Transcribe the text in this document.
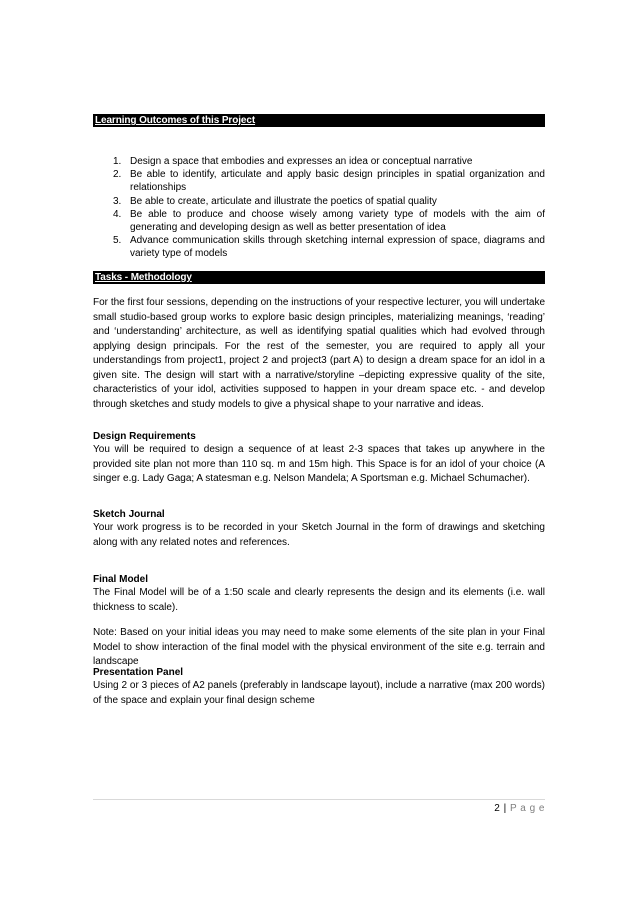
Learning Outcomes of this Project
1. Design a space that embodies and expresses an idea or conceptual narrative
2. Be able to identify, articulate and apply basic design principles in spatial organization and relationships
3. Be able to create, articulate and illustrate the poetics of spatial quality
4. Be able to produce and choose wisely among variety type of models with the aim of generating and developing design as well as better presentation of idea
5. Advance communication skills through sketching internal expression of space, diagrams and variety type of models
Tasks - Methodology

For the first four sessions, depending on the instructions of your respective lecturer, you will undertake small studio-based group works to explore basic design principles, materializing meanings, ‘reading’ and ‘understanding’ architecture, as well as identifying spatial qualities which had evolved through applying design principals. For the rest of the semester, you are required to apply all your understandings from project1, project 2 and project3 (part A) to design a dream space for an idol in a given site. The design will start with a narrative/storyline –depicting expressive quality of the site, characteristics of your idol, activities supposed to happen in your dream space etc. - and develop through sketches and study models to give a physical shape to your narrative and ideas.

Design Requirements

You will be required to design a sequence of at least 2-3 spaces that takes up anywhere in the provided site plan not more than 110 sq. m and 15m high. This Space is for an idol of your choice (A singer e.g. Lady Gaga; A statesman e.g. Nelson Mandela; A Sportsman e.g. Michael Schumacher).

Sketch Journal

Your work progress is to be recorded in your Sketch Journal in the form of drawings and sketching along with any related notes and references.

Final Model

The Final Model will be of a 1:50 scale and clearly represents the design and its elements (i.e. wall thickness to scale).

Note: Based on your initial ideas you may need to make some elements of the site plan in your Final Model to show interaction of the final model with the physical environment of the site e.g. terrain and landscape

Presentation Panel

Using 2 or 3 pieces of A2 panels (preferably in landscape layout), include a narrative (max 200 words) of the space and explain your final design scheme

2 | P a g e
